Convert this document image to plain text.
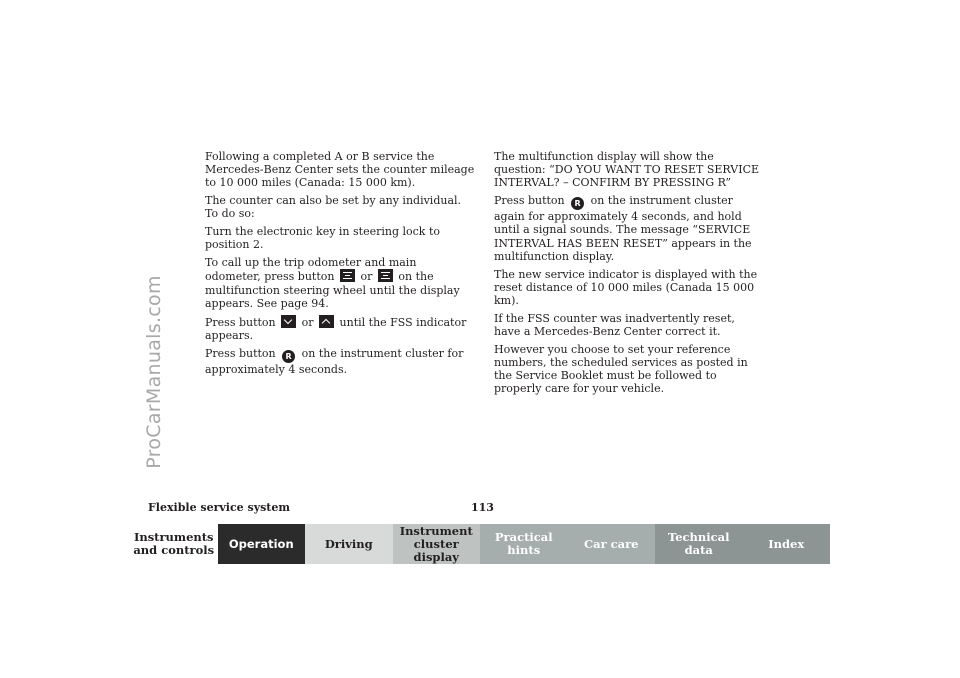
ProCarManuals.com

Following a completed A or B service the Mercedes-Benz Center sets the counter mileage to 10 000 miles (Canada: 15 000 km).

The counter can also be set by any individual. To do so:

Turn the electronic key in steering lock to position 2.

To call up the trip odometer and main odometer, press button or on the multifunction steering wheel until the display appears. See page 94.

Press button or until the FSS indicator appears.

Press button R on the instrument cluster for approximately 4 seconds.

The multifunction display will show the question: “DO YOU WANT TO RESET SERVICE INTERVAL? – CONFIRM BY PRESSING R”

Press button R on the instrument cluster again for approximately 4 seconds, and hold until a signal sounds. The message “SERVICE INTERVAL HAS BEEN RESET” appears in the multifunction display.

The new service indicator is displayed with the reset distance of 10 000 miles (Canada 15 000 km).

If the FSS counter was inadvertently reset, have a Mercedes-Benz Center correct it.

However you choose to set your reference numbers, the scheduled services as posted in the Service Booklet must be followed to properly care for your vehicle.

Flexible service system	113
Instruments and controls	Operation	Driving
Instrument cluster display
Practical hints	Car care	Technical data	Index
